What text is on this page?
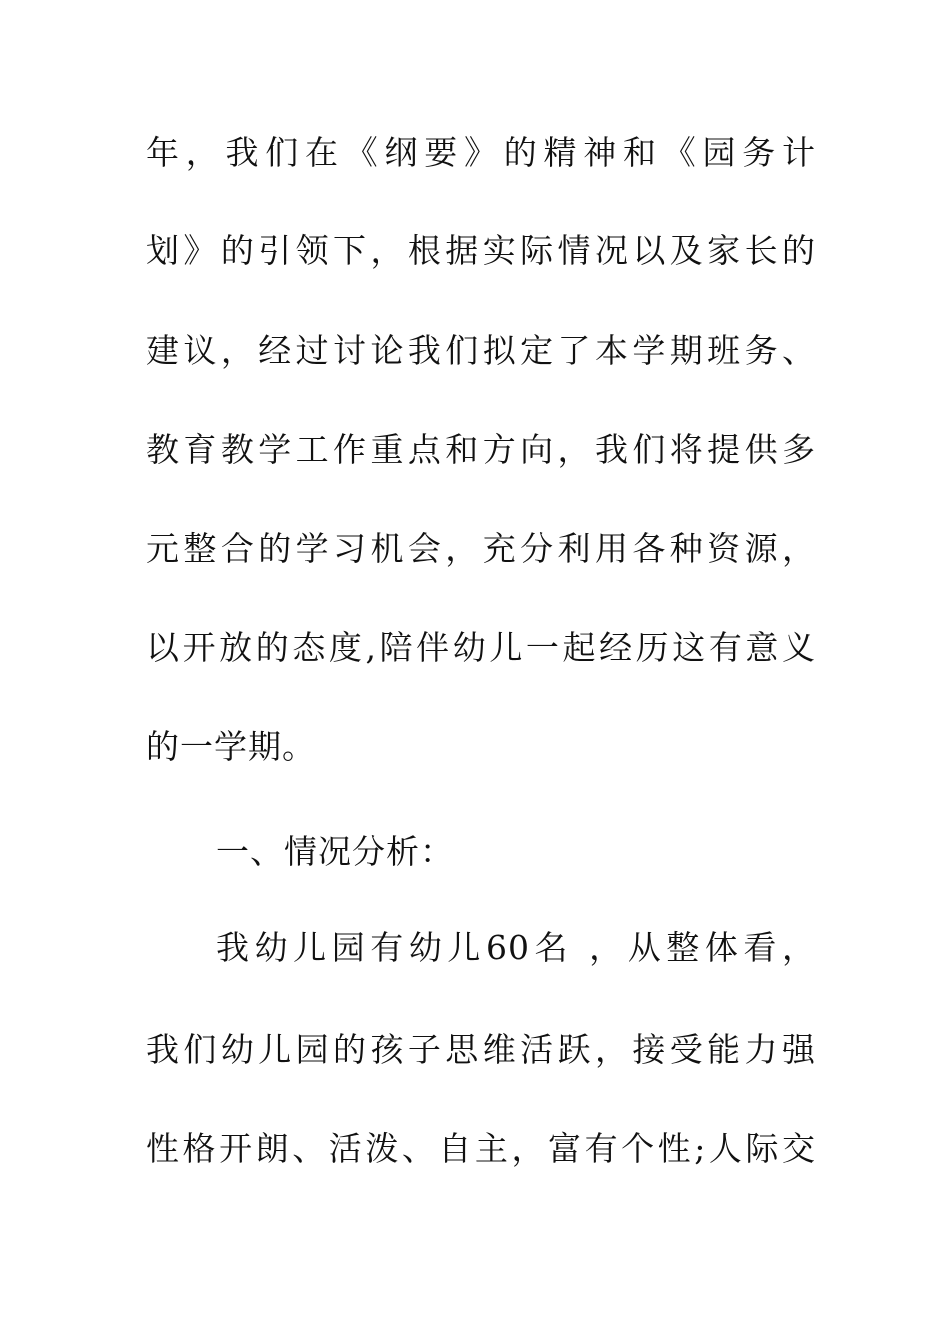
年，我们在《纲要》的精神和《园务计
划》的引领下，根据实际情况以及家长的
建议，经过讨论我们拟定了本学期班务、
教育教学工作重点和方向，我们将提供多
元整合的学习机会，充分利用各种资源，
以开放的态度,陪伴幼儿一起经历这有意义
的一学期。
一、情况分析：
我幼儿园有幼儿60名 ，从整体看，
我们幼儿园的孩子思维活跃，接受能力强
性格开朗、活泼、自主，富有个性;人际交
